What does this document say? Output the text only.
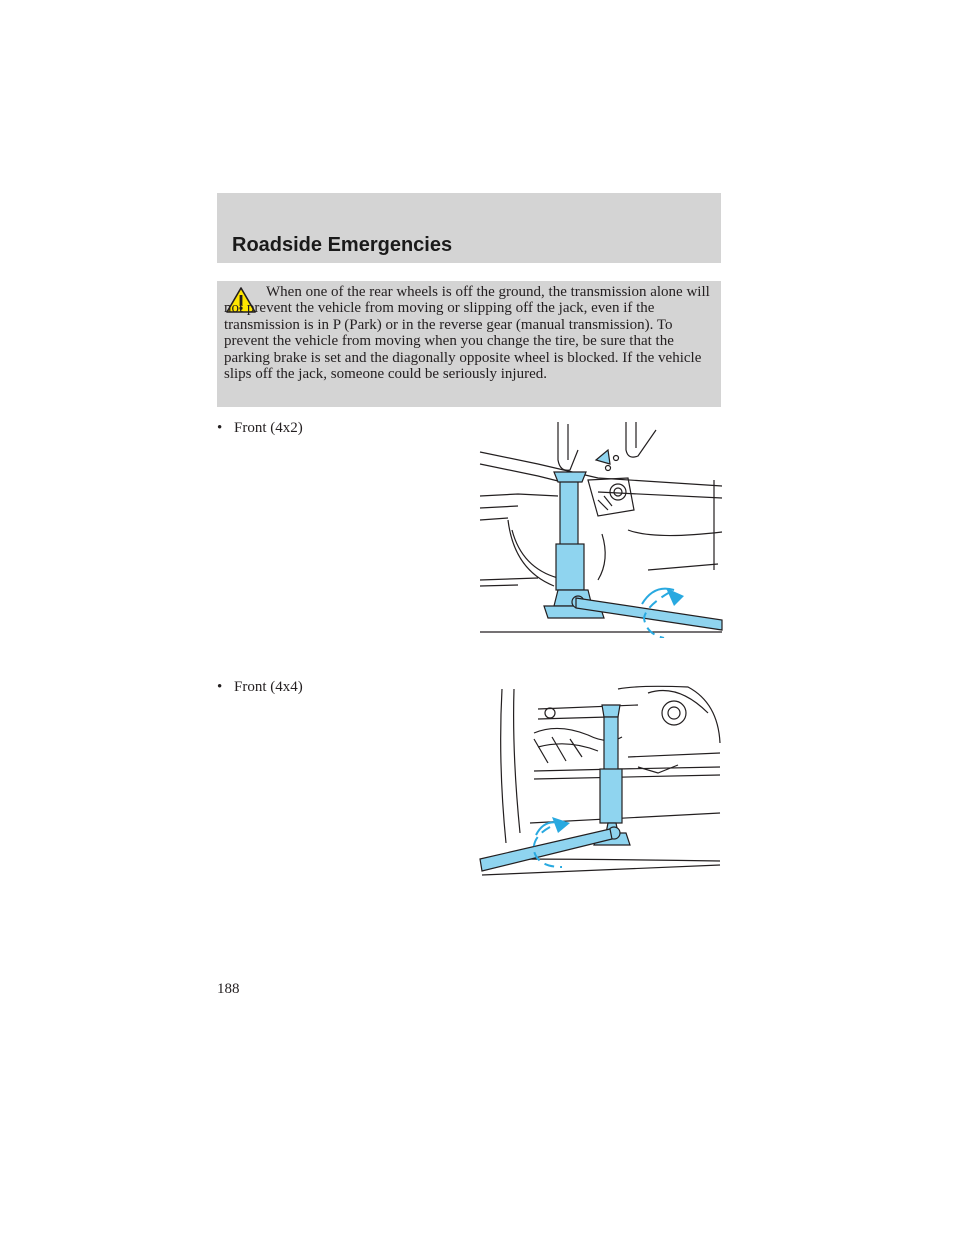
Roadside Emergencies

When one of the rear wheels is off the ground, the transmission alone will not prevent the vehicle from moving or slipping off the jack, even if the transmission is in P (Park) or in the reverse gear (manual transmission). To prevent the vehicle from moving when you change the tire, be sure that the parking brake is set and the diagonally opposite wheel is blocked. If the vehicle slips off the jack, someone could be seriously injured.

• Front (4x2)
• Front (4x4)
188
